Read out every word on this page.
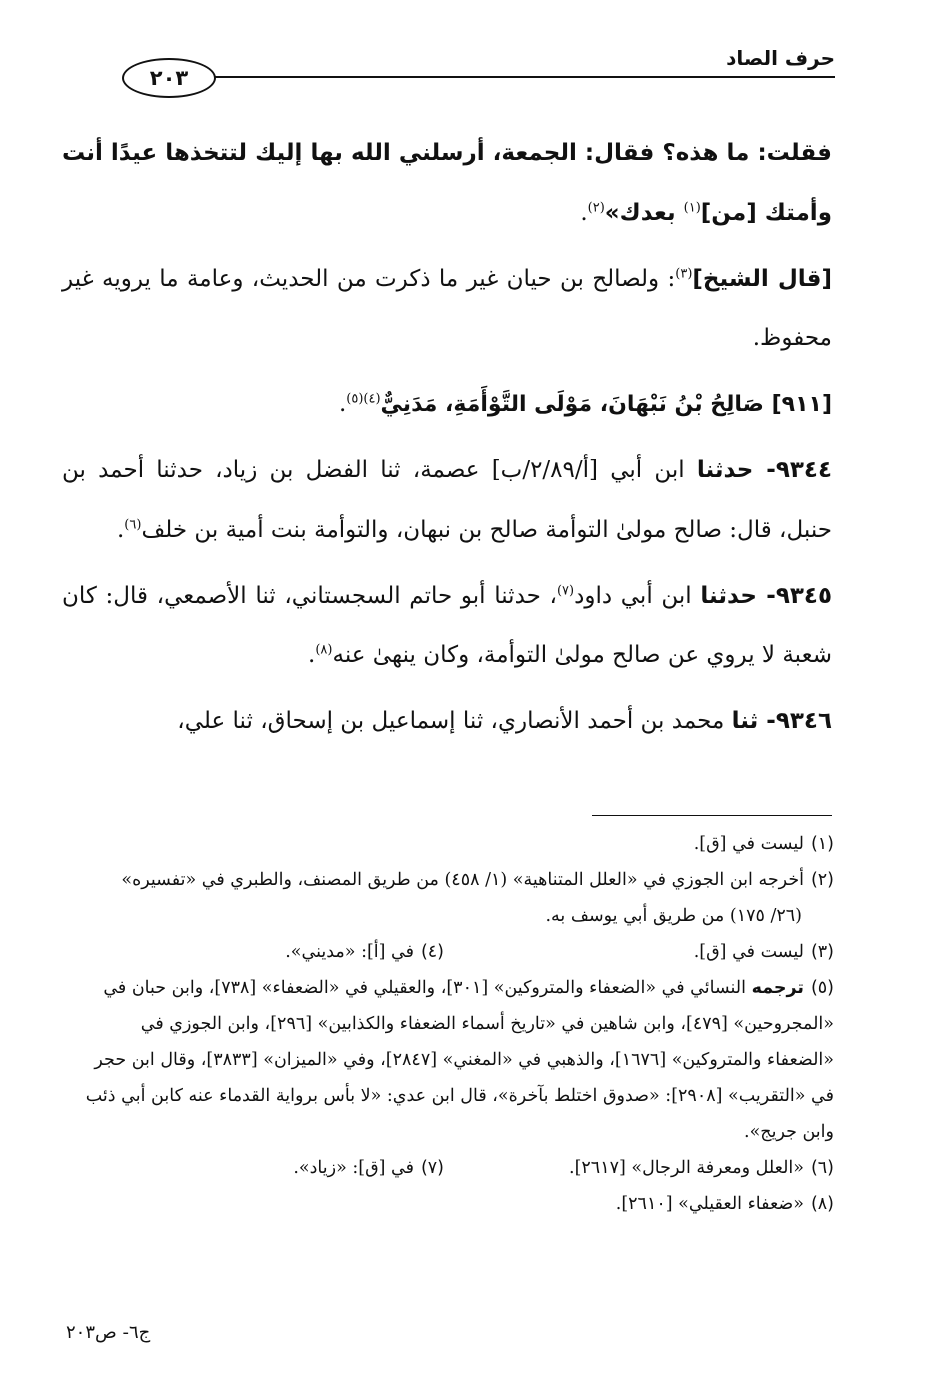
حرف الصاد
٢٠٣

فقلت: ما هذه؟ فقال: الجمعة، أرسلني الله بها إليك لتتخذها عيدًا أنت وأمتك [من]$^{(١)}$ بعدك»$^{(٢)}$.

[قال الشيخ]$^{(٣)}$: ولصالح بن حيان غير ما ذكرت من الحديث، وعامة ما يرويه غير محفوظ.

[٩١١] صَالِحُ بْنُ نَبْهَانَ، مَوْلَى التَّوْأَمَةِ، مَدَنِيٌّ$^{(٤)(٥)}$.

٩٣٤٤- حدثنا ابن أبي [أ/٢/٨٩/ب] عصمة، ثنا الفضل بن زياد، حدثنا أحمد بن حنبل، قال: صالح مولىٰ التوأمة صالح بن نبهان، والتوأمة بنت أمية بن خلف$^{(٦)}$.

٩٣٤٥- حدثنا ابن أبي داود$^{(٧)}$، حدثنا أبو حاتم السجستاني، ثنا الأصمعي، قال: كان شعبة لا يروي عن صالح مولىٰ التوأمة، وكان ينهىٰ عنه$^{(٨)}$.

٩٣٤٦- ثنا محمد بن أحمد الأنصاري، ثنا إسماعيل بن إسحاق، ثنا علي،

(١)ليست في [ق].

(٢)أخرجه ابن الجوزي في «العلل المتناهية» (١/ ٤٥٨) من طريق المصنف، والطبري في «تفسيره»

(٢٦/ ١٧٥) من طريق أبي يوسف به.

(٣)ليست في [ق].

(٤)في [أ]: «مديني».

(٥)ترجمه النسائي في «الضعفاء والمتروكين» [٣٠١]، والعقيلي في «الضعفاء» [٧٣٨]، وابن حبان في «المجروحين» [٤٧٩]، وابن شاهين في «تاريخ أسماء الضعفاء والكذابين» [٢٩٦]، وابن الجوزي في «الضعفاء والمتروكين» [١٦٧٦]، والذهبي في «المغني» [٢٨٤٧]، وفي «الميزان» [٣٨٣٣]، وقال ابن حجر في «التقريب» [٢٩٠٨]: «صدوق اختلط بآخرة»، قال ابن عدي: «لا بأس برواية القدماء عنه كابن أبي ذئب وابن جريج».

(٦)«العلل ومعرفة الرجال» [٢٦١٧].

(٧)في [ق]: «زياد».

(٨)«ضعفاء العقيلي» [٢٦١٠].

ج٦- ص٢٠٣
